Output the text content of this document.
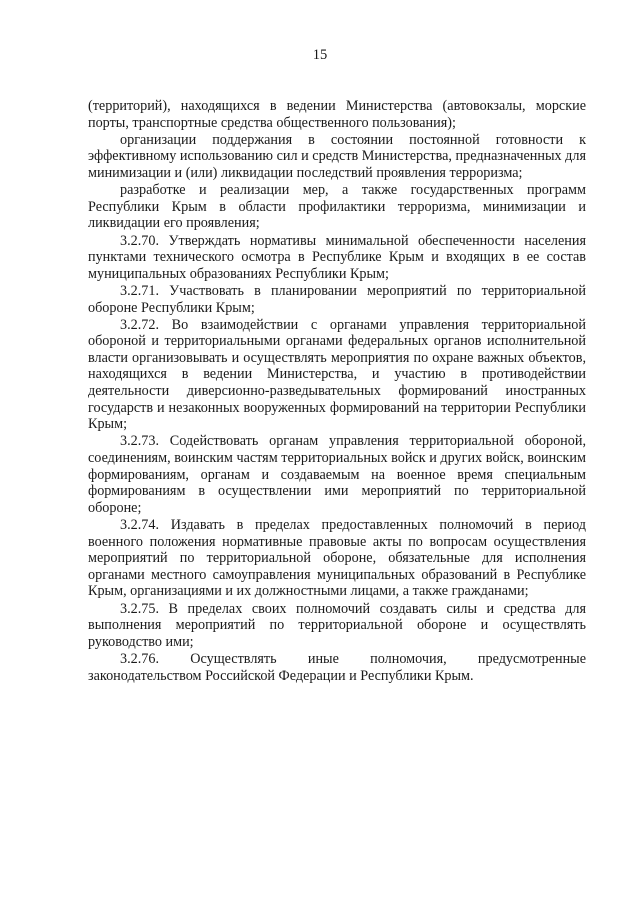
15

(территорий), находящихся в ведении Министерства (автовокзалы, морские порты, транспортные средства общественного пользования);

организации поддержания в состоянии постоянной готовности к эффективному использованию сил и средств Министерства, предназначенных для минимизации и (или) ликвидации последствий проявления терроризма;

разработке и реализации мер, а также государственных программ Республики Крым в области профилактики терроризма, минимизации и ликвидации его проявления;

3.2.70. Утверждать нормативы минимальной обеспеченности населения пунктами технического осмотра в Республике Крым и входящих в ее состав муниципальных образованиях Республики Крым;

3.2.71. Участвовать в планировании мероприятий по территориальной обороне Республики Крым;

3.2.72. Во взаимодействии с органами управления территориальной обороной и территориальными органами федеральных органов исполнительной власти организовывать и осуществлять мероприятия по охране важных объектов, находящихся в ведении Министерства, и участию в противодействии деятельности диверсионно-разведывательных формирований иностранных государств и незаконных вооруженных формирований на территории Республики Крым;

3.2.73. Содействовать органам управления территориальной обороной, соединениям, воинским частям территориальных войск и других войск, воинским формированиям, органам и создаваемым на военное время специальным формированиям в осуществлении ими мероприятий по территориальной обороне;

3.2.74. Издавать в пределах предоставленных полномочий в период военного положения нормативные правовые акты по вопросам осуществления мероприятий по территориальной обороне, обязательные для исполнения органами местного самоуправления муниципальных образований в Республике Крым, организациями и их должностными лицами, а также гражданами;

3.2.75. В пределах своих полномочий создавать силы и средства для выполнения мероприятий по территориальной обороне и осуществлять руководство ими;

3.2.76. Осуществлять иные полномочия, предусмотренные законодательством Российской Федерации и Республики Крым.
